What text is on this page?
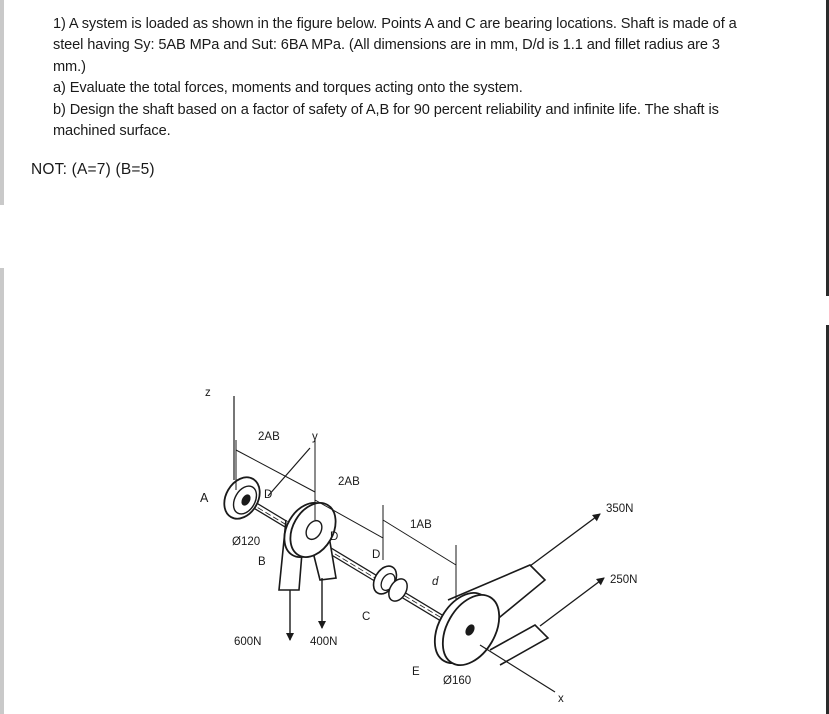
1) A system is loaded as shown in the figure below. Points A and C are bearing locations. Shaft is made of a

steel having Sy: 5AB MPa and Sut: 6BA MPa. (All dimensions are in mm, D/d is 1.1 and fillet radius are 3

mm.)

a) Evaluate the total forces, moments and torques acting onto the system.

b) Design the shaft based on a factor of safety of A,B for 90 percent reliability and infinite life. The shaft is

machined surface.

NOT: (A=7) (B=5)
z
2AB
2AB
1AB
y
x
600N	400N
350N
250N
A
B
C
E
D
D
D
d
Ø120
Ø160
